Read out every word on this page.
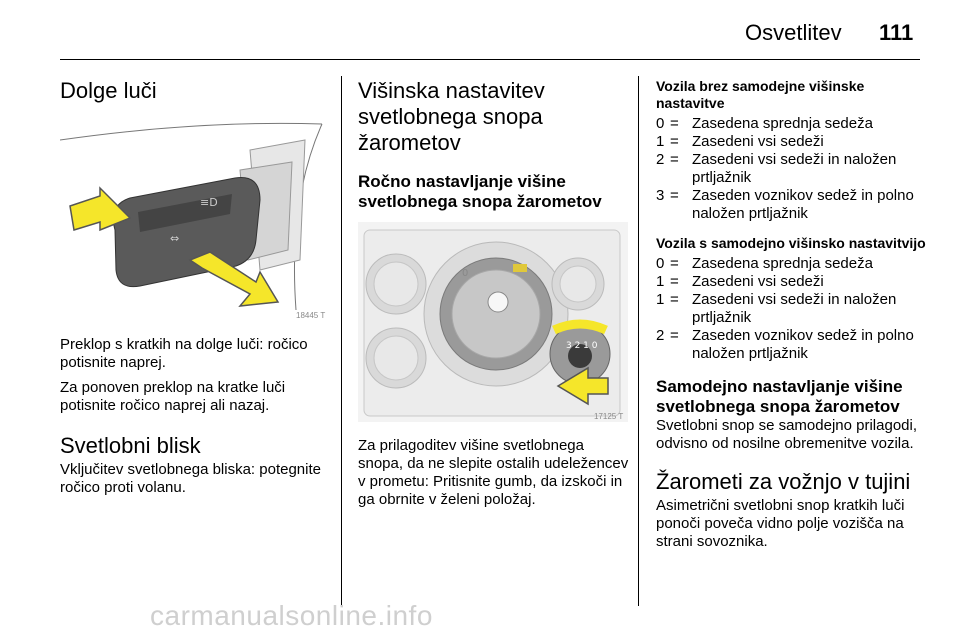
Osvetlitev 111
Dolge luči
≡D
⇔
18445 T

Preklop s kratkih na dolge luči: ročico potisnite naprej.

Za ponoven preklop na kratke luči potisnite ročico naprej ali nazaj.

Svetlobni blisk

Vključitev svetlobnega bliska: potegnite ročico proti volanu.

Višinska nastavitev svetlobnega snopa žarometov
Ročno nastavljanje višine svetlobnega snopa žarometov
0
3 2 1 0
17125 T

Za prilagoditev višine svetlobnega snopa, da ne slepite ostalih udeležencev v prometu: Pritisnite gumb, da izskoči in ga obrnite v želeni položaj.

Vozila brez samodejne višinske nastavitve
0 = Zasedena sprednja sedeža
1 = Zasedeni vsi sedeži
2 = Zasedeni vsi sedeži in naložen prtljažnik
3 = Zaseden voznikov sedež in polno naložen prtljažnik
Vozila s samodejno višinsko nastavitvijo
0 = Zasedena sprednja sedeža
1 = Zasedeni vsi sedeži
1 = Zasedeni vsi sedeži in naložen prtljažnik
2 = Zaseden voznikov sedež in polno naložen prtljažnik
Samodejno nastavljanje višine svetlobnega snopa žarometov

Svetlobni snop se samodejno prilagodi, odvisno od nosilne obremenitve vozila.

Žarometi za vožnjo v tujini

Asimetrični svetlobni snop kratkih luči ponoči poveča vidno polje vozišča na strani sovoznika.

carmanualsonline.info
